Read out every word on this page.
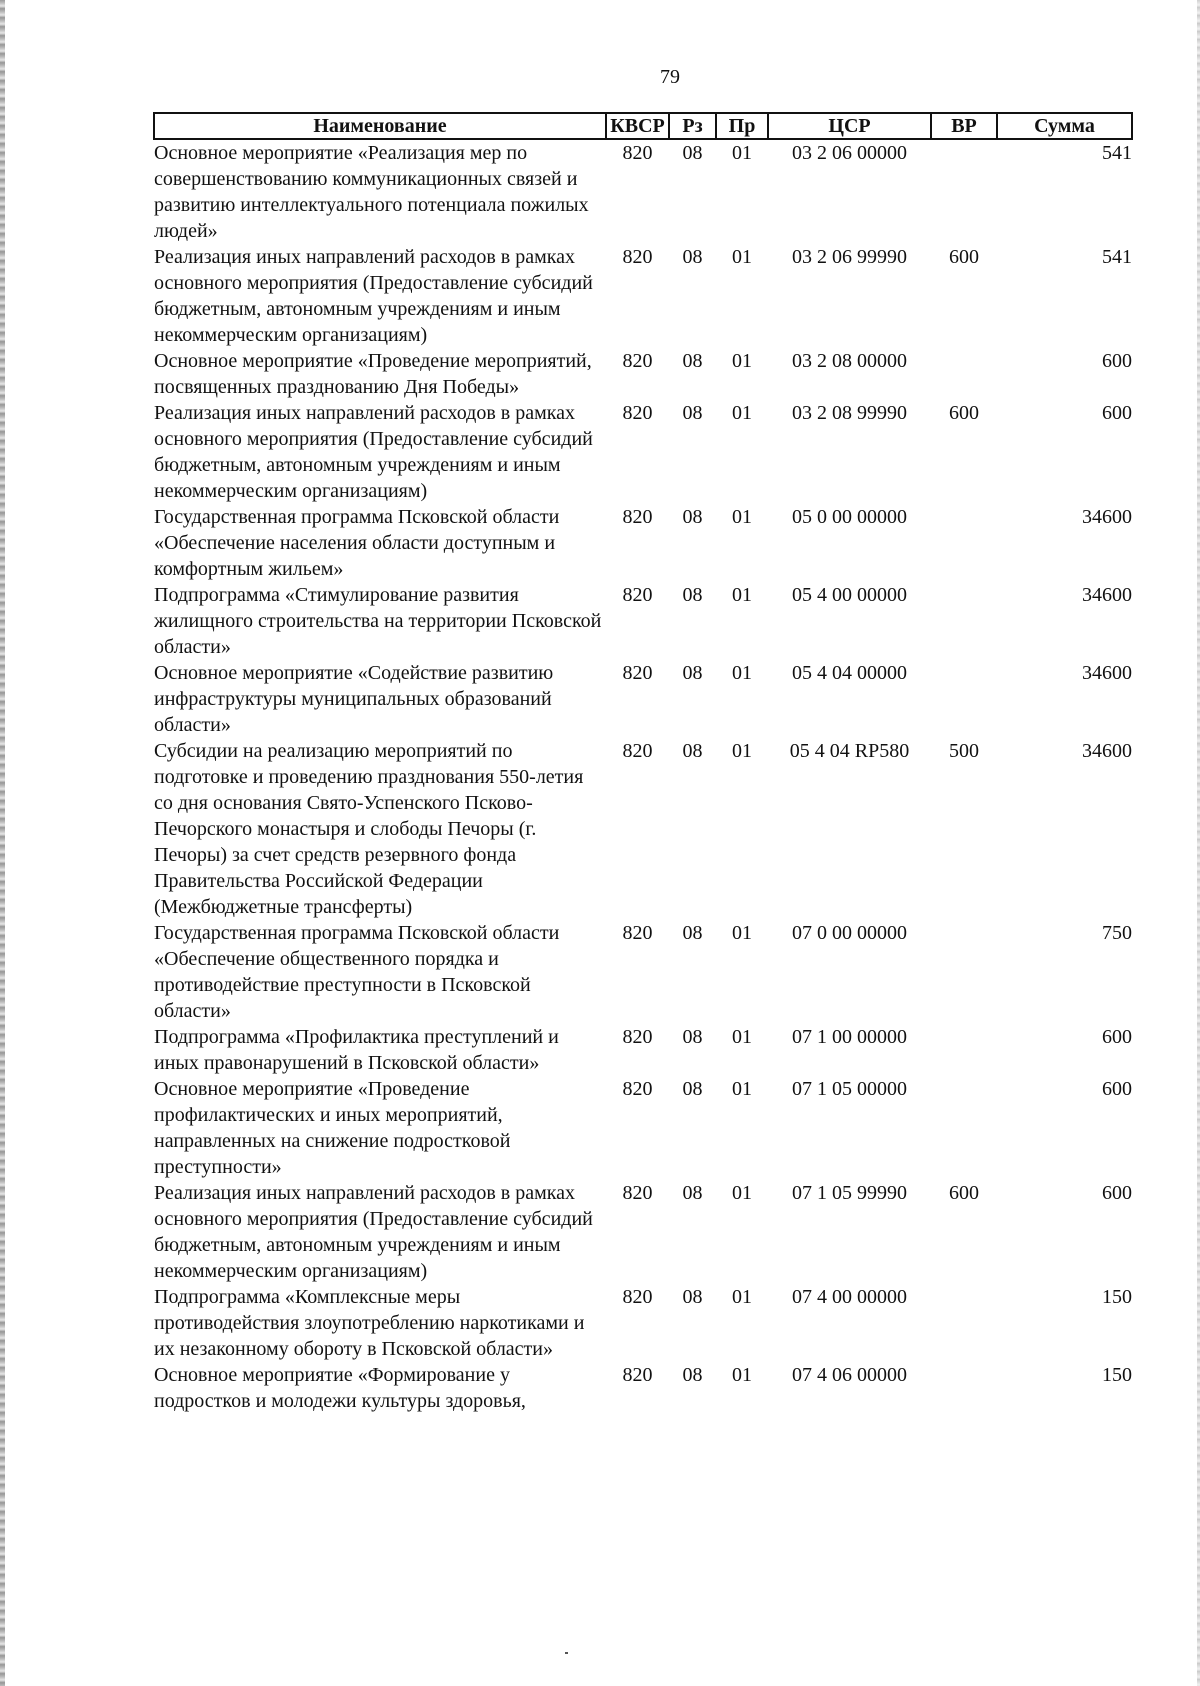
79
Наименование	КВСР	Рз	Пр	ЦСР	ВР	Сумма
Основное мероприятие «Реализация мер по совершенствованию коммуникационных связей и развитию интеллектуального потенциала пожилых людей»	820	08	01	03 2 06 00000		541
Реализация иных направлений расходов в рамках основного мероприятия (Предоставление субсидий бюджетным, автономным учреждениям и иным некоммерческим организациям)	820	08	01	03 2 06 99990	600	541
Основное мероприятие «Проведение мероприятий, посвященных празднованию Дня Победы»	820	08	01	03 2 08 00000		600
Реализация иных направлений расходов в рамках основного мероприятия (Предоставление субсидий бюджетным, автономным учреждениям и иным некоммерческим организациям)	820	08	01	03 2 08 99990	600	600
Государственная программа Псковской области «Обеспечение населения области доступным и комфортным жильем»	820	08	01	05 0 00 00000		34600
Подпрограмма «Стимулирование развития жилищного строительства на территории Псковской области»	820	08	01	05 4 00 00000		34600
Основное мероприятие «Содействие развитию инфраструктуры муниципальных образований области»	820	08	01	05 4 04 00000		34600
Субсидии на реализацию мероприятий по подготовке и проведению празднования 550-летия со дня основания Свято-Успенского Псково-Печорского монастыря и слободы Печоры (г. Печоры) за счет средств резервного фонда Правительства Российской Федерации (Межбюджетные трансферты)	820	08	01	05 4 04 RP580	500	34600
Государственная программа Псковской области «Обеспечение общественного порядка и противодействие преступности в Псковской области»	820	08	01	07 0 00 00000		750
Подпрограмма «Профилактика преступлений и иных правонарушений в Псковской области»	820	08	01	07 1 00 00000		600
Основное мероприятие «Проведение профилактических и иных мероприятий, направленных на снижение подростковой преступности»	820	08	01	07 1 05 00000		600
Реализация иных направлений расходов в рамках основного мероприятия (Предоставление субсидий бюджетным, автономным учреждениям и иным некоммерческим организациям)	820	08	01	07 1 05 99990	600	600
Подпрограмма «Комплексные меры противодействия злоупотреблению наркотиками и их незаконному обороту в Псковской области»	820	08	01	07 4 00 00000		150
Основное мероприятие «Формирование у подростков и молодежи культуры здоровья,	820	08	01	07 4 06 00000		150
